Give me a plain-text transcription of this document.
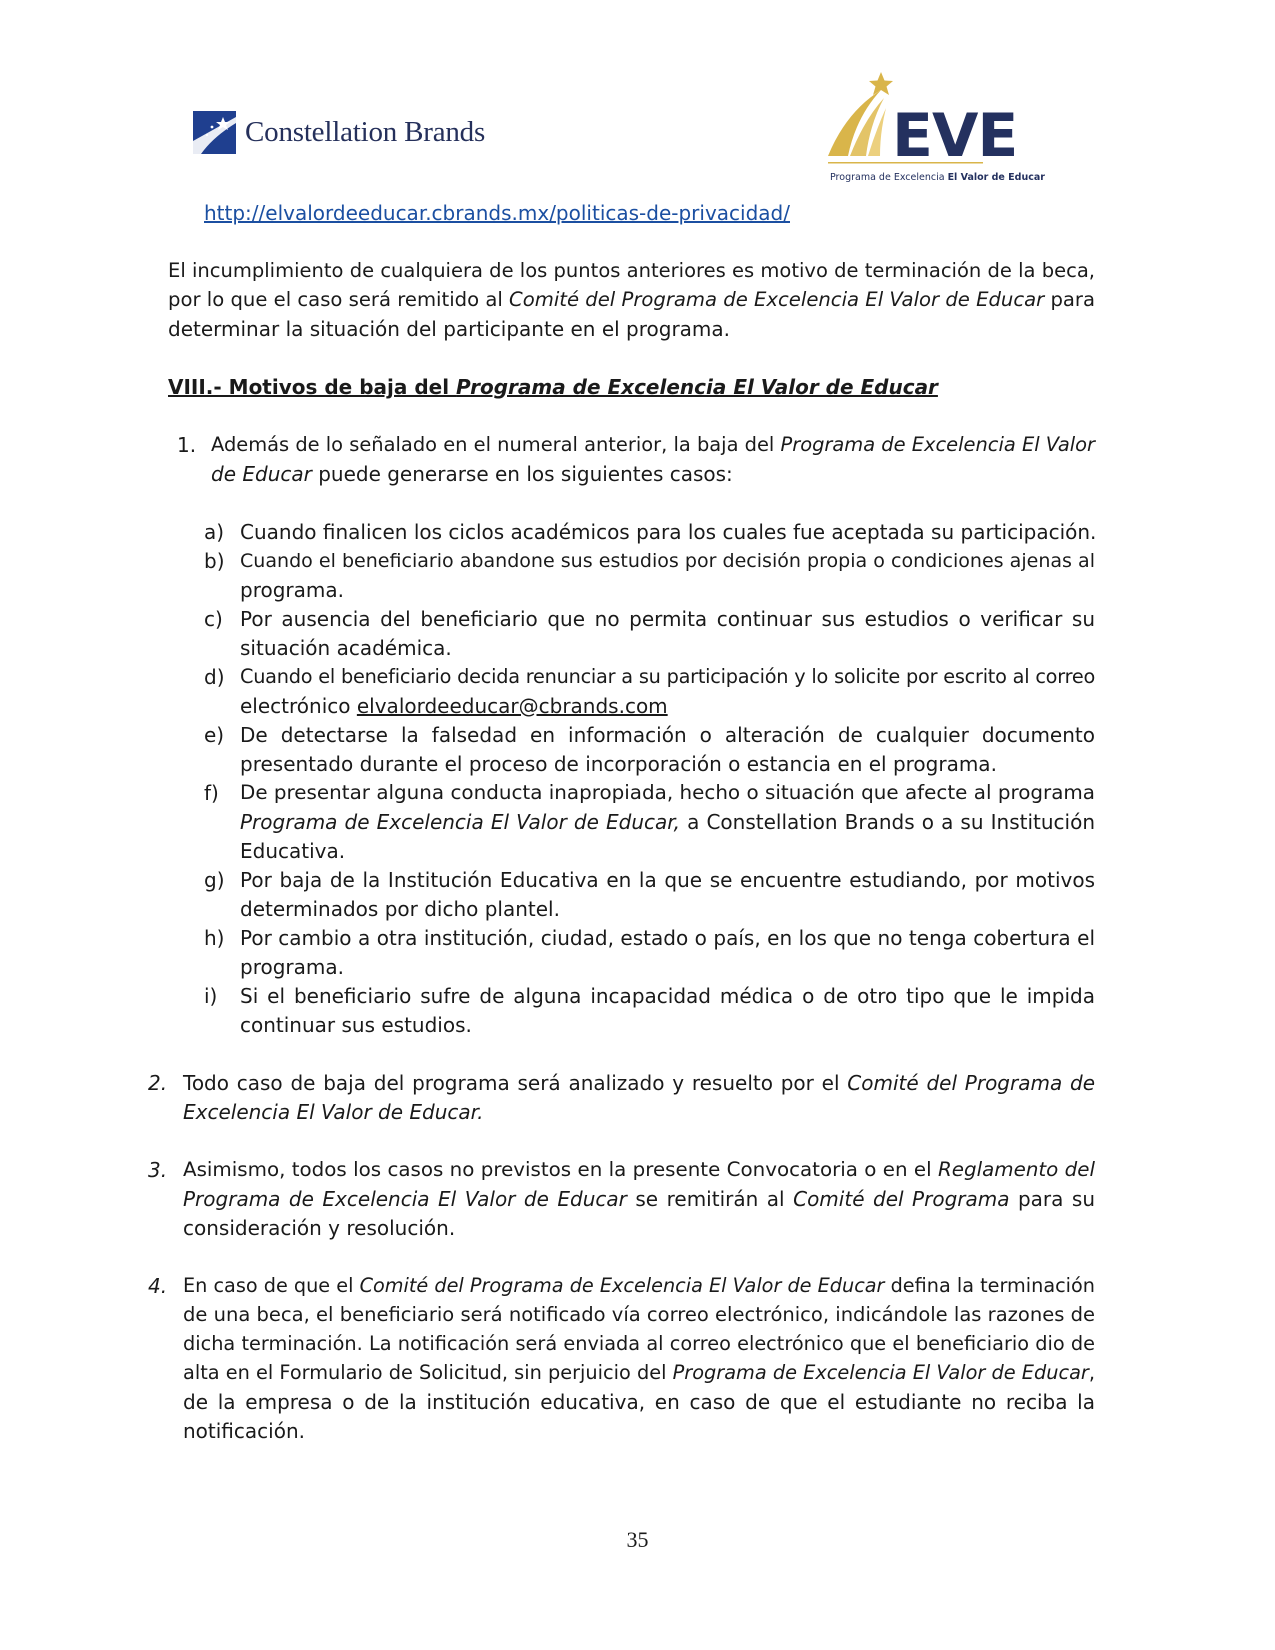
Constellation Brands	EVE
Programa de Excelencia El Valor de Educar
http://elvalordeeducar.cbrands.mx/politicas-de-privacidad/
El incumplimiento de cualquiera de los puntos anteriores es motivo de terminación de la beca,
por lo que el caso será remitido al Comité del Programa de Excelencia El Valor de Educar para
determinar la situación del participante en el programa.
VIII.- Motivos de baja del Programa de Excelencia El Valor de Educar
1. Además de lo señalado en el numeral anterior, la baja del Programa de Excelencia El Valor
de Educar puede generarse en los siguientes casos:
a) Cuando finalicen los ciclos académicos para los cuales fue aceptada su participación.
b) Cuando el beneficiario abandone sus estudios por decisión propia o condiciones ajenas al
programa.
c) Por ausencia del beneficiario que no permita continuar sus estudios o verificar su
situación académica.
d) Cuando el beneficiario decida renunciar a su participación y lo solicite por escrito al correo
electrónico elvalordeeducar@cbrands.com
e) De detectarse la falsedad en información o alteración de cualquier documento
presentado durante el proceso de incorporación o estancia en el programa.
f) De presentar alguna conducta inapropiada, hecho o situación que afecte al programa
Programa de Excelencia El Valor de Educar, a Constellation Brands o a su Institución
Educativa.
g) Por baja de la Institución Educativa en la que se encuentre estudiando, por motivos
determinados por dicho plantel.
h) Por cambio a otra institución, ciudad, estado o país, en los que no tenga cobertura el
programa.
i) Si el beneficiario sufre de alguna incapacidad médica o de otro tipo que le impida
continuar sus estudios.
2. Todo caso de baja del programa será analizado y resuelto por el Comité del Programa de
Excelencia El Valor de Educar.
3. Asimismo, todos los casos no previstos en la presente Convocatoria o en el Reglamento del
Programa de Excelencia El Valor de Educar se remitirán al Comité del Programa para su
consideración y resolución.
4. En caso de que el Comité del Programa de Excelencia El Valor de Educar defina la terminación
de una beca, el beneficiario será notificado vía correo electrónico, indicándole las razones de
dicha terminación. La notificación será enviada al correo electrónico que el beneficiario dio de
alta en el Formulario de Solicitud, sin perjuicio del Programa de Excelencia El Valor de Educar,
de la empresa o de la institución educativa, en caso de que el estudiante no reciba la
notificación.
35
